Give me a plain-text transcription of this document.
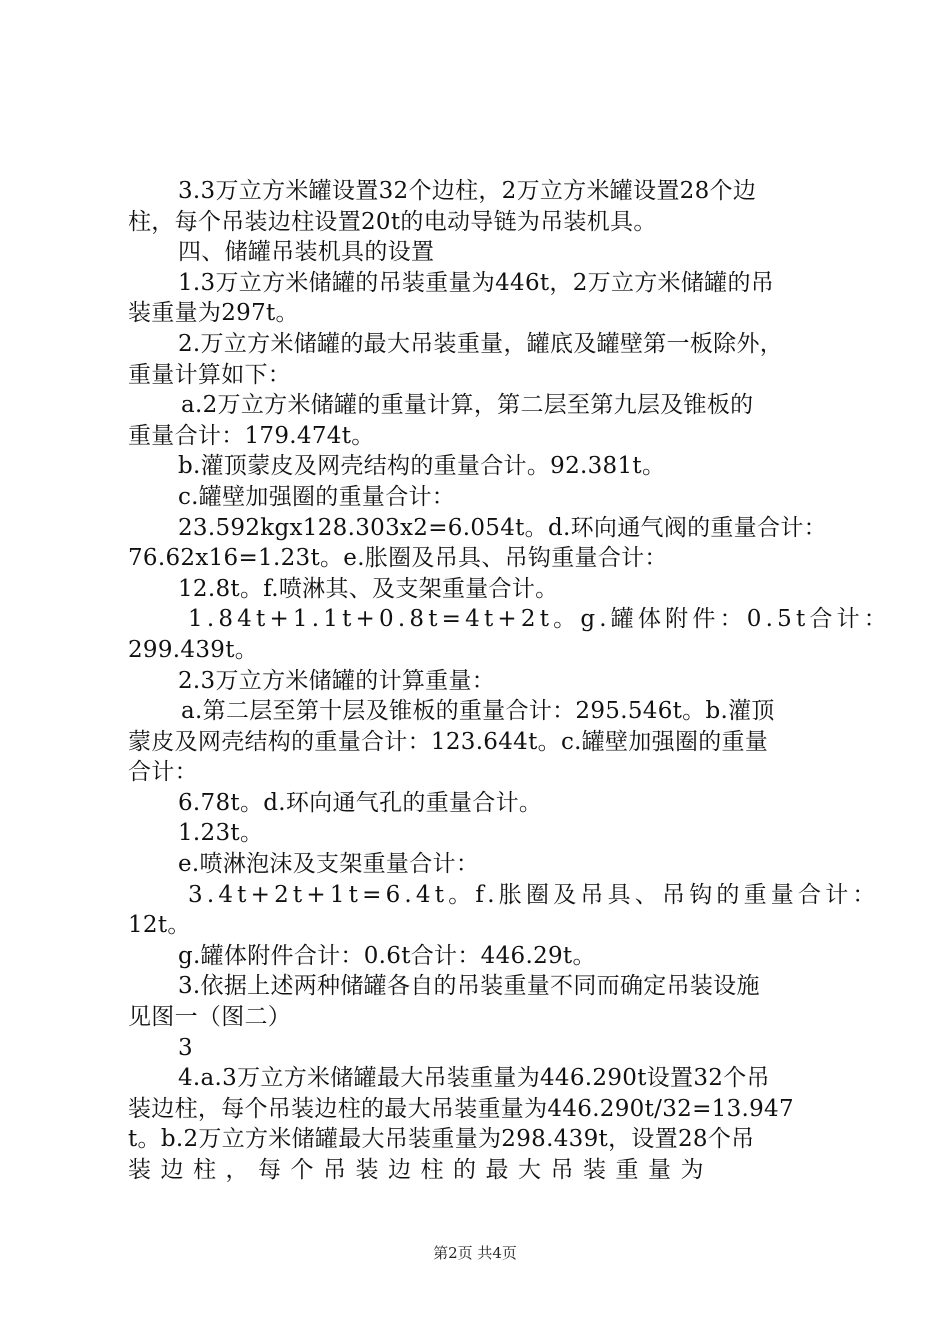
3.3万立方米罐设置32个边柱，2万立方米罐设置28个边
柱，每个吊装边柱设置20t的电动导链为吊装机具。
四、储罐吊装机具的设置
1.3万立方米储罐的吊装重量为446t，2万立方米储罐的吊
装重量为297t。
2.万立方米储罐的最大吊装重量，罐底及罐壁第一板除外，
重量计算如下：
a.2万立方米储罐的重量计算，第二层至第九层及锥板的
重量合计：179.474t。
b.灌顶蒙皮及网壳结构的重量合计。92.381t。
c.罐壁加强圈的重量合计：
23.592kgx128.303x2=6.054t。d.环向通气阀的重量合计：
76.62x16=1.23t。e.胀圈及吊具、吊钩重量合计：
12.8t。f.喷淋其、及支架重量合计。
1.84t+1.1t+0.8t=4t+2t。g.罐体附件：0.5t合计：
299.439t。
2.3万立方米储罐的计算重量：
a.第二层至第十层及锥板的重量合计：295.546t。b.灌顶
蒙皮及网壳结构的重量合计：123.644t。c.罐壁加强圈的重量
合计：
6.78t。d.环向通气孔的重量合计。
1.23t。
e.喷淋泡沫及支架重量合计：
3.4t+2t+1t=6.4t。f.胀圈及吊具、吊钩的重量合计：
12t。
g.罐体附件合计：0.6t合计：446.29t。
3.依据上述两种储罐各自的吊装重量不同而确定吊装设施
见图一（图二）
3
4.a.3万立方米储罐最大吊装重量为446.290t设置32个吊
装边柱，每个吊装边柱的最大吊装重量为446.290t/32=13.947
t。b.2万立方米储罐最大吊装重量为298.439t，设置28个吊
装边柱，每个吊装边柱的最大吊装重量为
第2页 共4页
